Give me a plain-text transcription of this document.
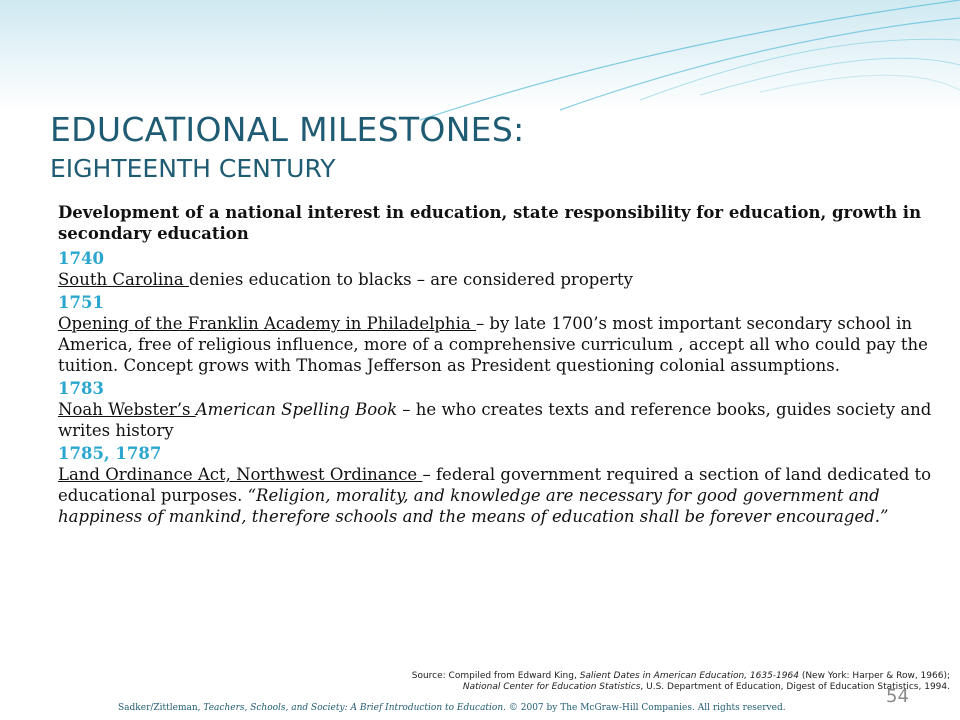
EDUCATIONAL MILESTONES:
EIGHTEENTH CENTURY

Development of a national interest in education, state responsibility for education, growth in secondary education

1740

South Carolina denies education to blacks – are considered property

1751

Opening of the Franklin Academy in Philadelphia – by late 1700’s most important secondary school in America, free of religious influence, more of a comprehensive curriculum , accept all who could pay the tuition. Concept grows with Thomas Jefferson as President questioning colonial assumptions.

1783

Noah Webster’s American Spelling Book – he who creates texts and reference books, guides society and writes history

1785, 1787

Land Ordinance Act, Northwest Ordinance – federal government required a section of land dedicated to educational purposes. “Religion, morality, and knowledge are necessary for good government and happiness of mankind, therefore schools and the means of education shall be forever encouraged.”

Source: Compiled from Edward King, Salient Dates in American Education, 1635-1964 (New York: Harper & Row, 1966); National Center for Education Statistics, U.S. Department of Education, Digest of Education Statistics, 1994.
54
Sadker/Zittleman, Teachers, Schools, and Society: A Brief Introduction to Education. © 2007 by The McGraw-Hill Companies. All rights reserved.
